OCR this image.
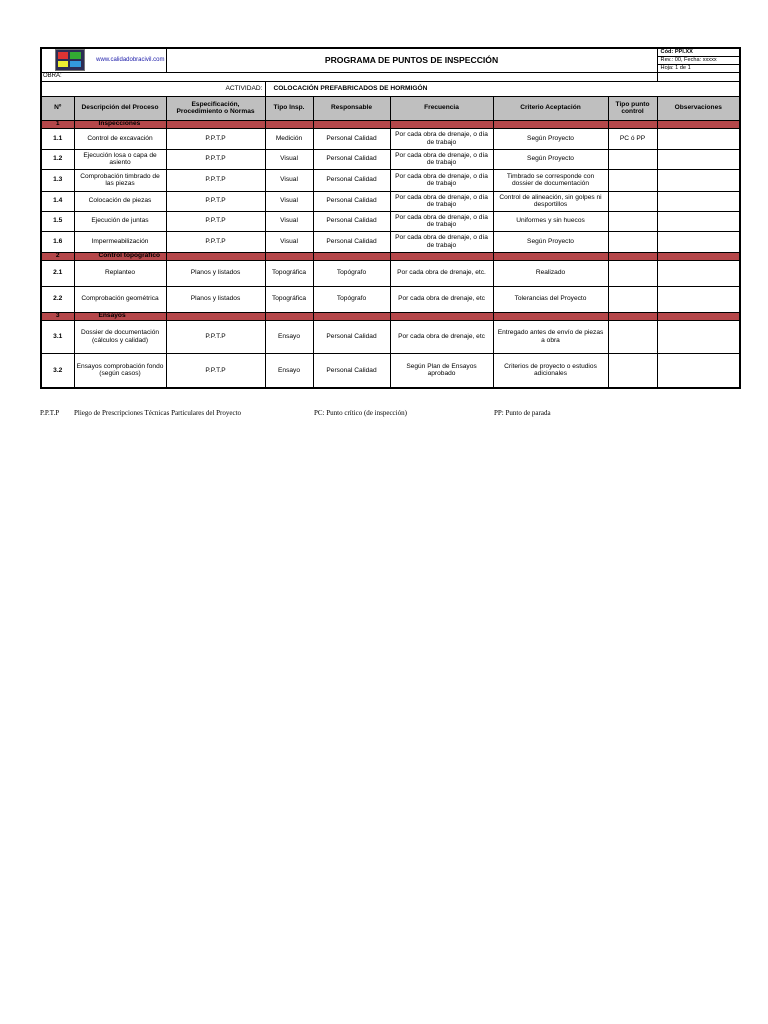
www.calidadobracivil.com		PROGRAMA DE PUNTOS DE INSPECCIÓN						Cód: PPI.XX
								Rev.: 00, Fecha: xxxxx
								Hoja: 1 de 1
OBRA:								
ACTIVIDAD:			COLOCACIÓN PREFABRICADOS DE HORMIGÓN					
Nº	Descripción del Proceso	Especificación, Procedimiento o Normas	Tipo Insp.	Responsable	Frecuencia	Criterio Aceptación	Tipo punto control	Observaciones
1	Inspecciones							
1.1	Control de excavación	P.P.T.P	Medición	Personal Calidad	Por cada obra de drenaje, o día de trabajo	Según Proyecto	PC ó PP	
1.2	Ejecución losa o capa de asiento	P.P.T.P	Visual	Personal Calidad	Por cada obra de drenaje, o día de trabajo	Según Proyecto		
1.3	Comprobación timbrado de las piezas	P.P.T.P	Visual	Personal Calidad	Por cada obra de drenaje, o día de trabajo	Timbrado se corresponde con dossier de documentación		
1.4	Colocación de piezas	P.P.T.P	Visual	Personal Calidad	Por cada obra de drenaje, o día de trabajo	Control de alineación, sin golpes ni desportillos		
1.5	Ejecución de juntas	P.P.T.P	Visual	Personal Calidad	Por cada obra de drenaje, o día de trabajo	Uniformes y sin huecos		
1.6	Impermeabilización	P.P.T.P	Visual	Personal Calidad	Por cada obra de drenaje, o día de trabajo	Según Proyecto		
2	Control topográfico							
2.1	Replanteo	Planos y listados	Topográfica	Topógrafo	Por cada obra de drenaje, etc.	Realizado		
2.2	Comprobación geométrica	Planos y listados	Topográfica	Topógrafo	Por cada obra de drenaje, etc	Tolerancias del Proyecto		
3	Ensayos							
3.1	Dossier de documentación (cálculos y calidad)	P.P.T.P	Ensayo	Personal Calidad	Por cada obra de drenaje, etc	Entregado antes de envío de piezas a obra		
3.2	Ensayos comprobación fondo (según casos)	P.P.T.P	Ensayo	Personal Calidad	Según Plan de Ensayos aprobado	Criterios de proyecto o estudios adicionales		
P.P.T.P Pliego de Prescripciones Técnicas Particulares del Proyecto	PC: Punto crítico (de inspección)	PP: Punto de parada
